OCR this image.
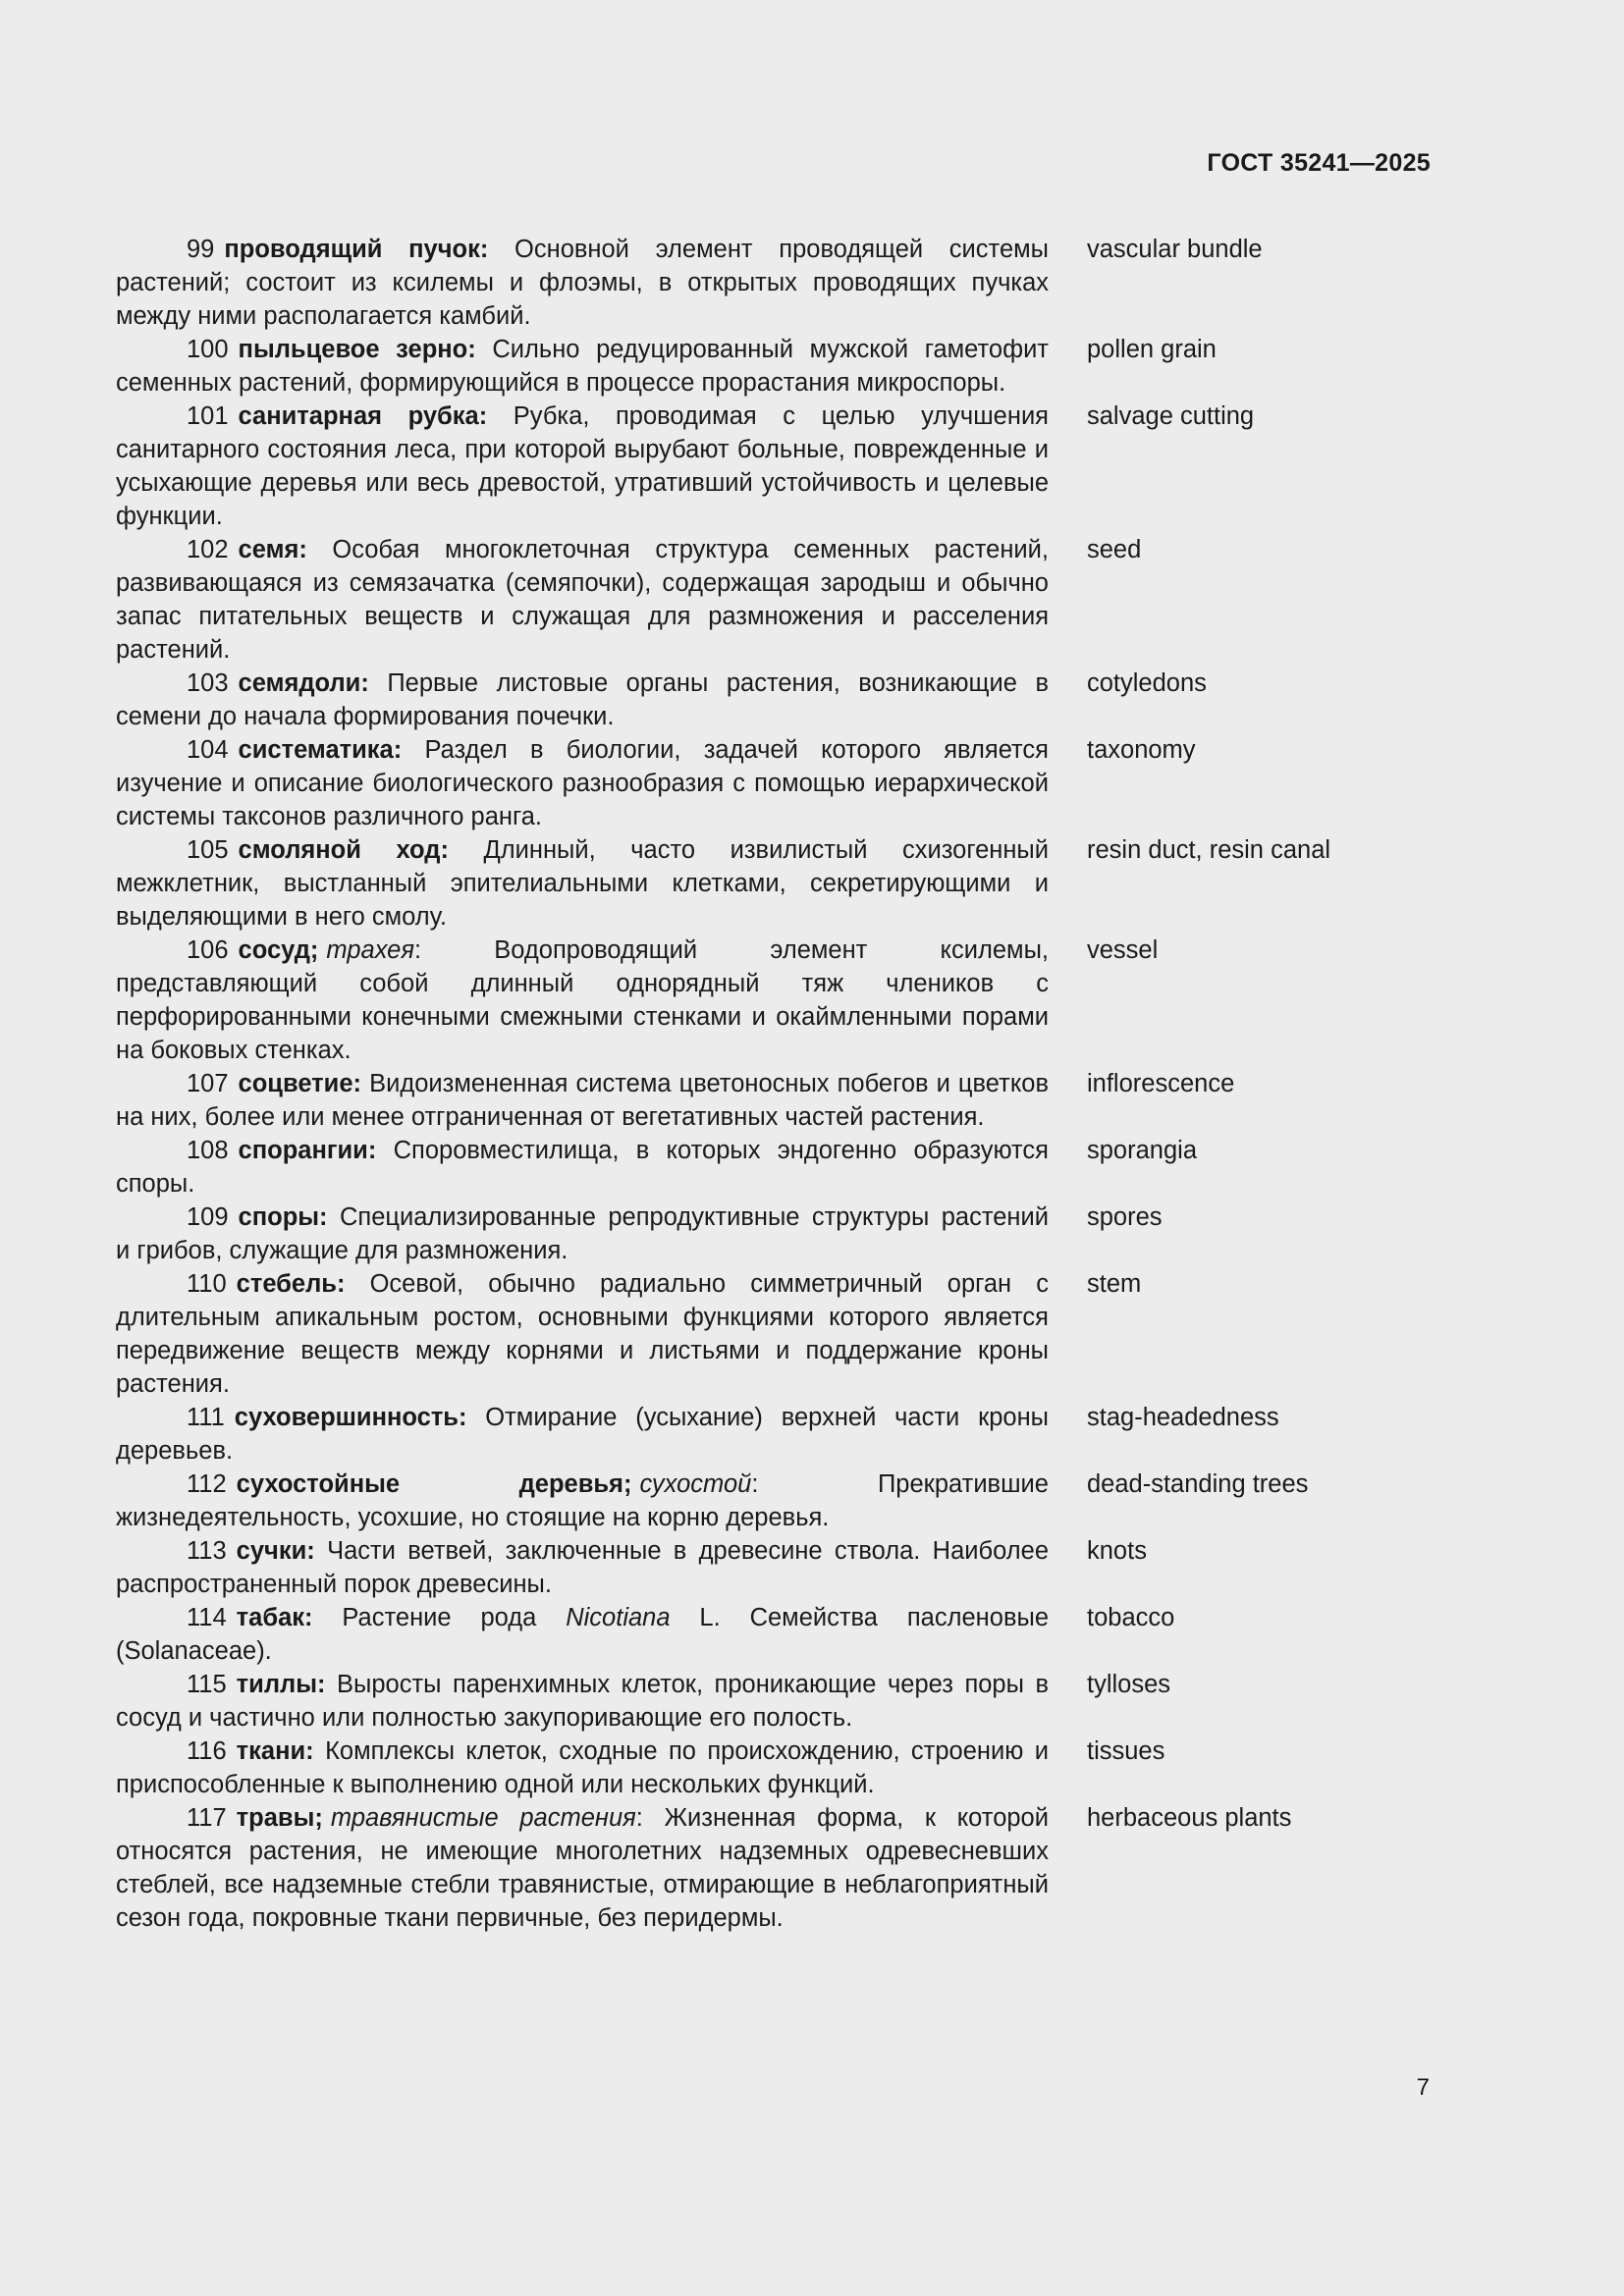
ГОСТ 35241—2025
99 проводящий пучок: Основной элемент проводящей системы растений; состоит из ксилемы и флоэмы, в открытых проводящих пучках между ними располагается камбий.
vascular bundle
100 пыльцевое зерно: Сильно редуцированный мужской гаметофит семенных растений, формирующийся в процессе прорастания микроспоры.
pollen grain
101 санитарная рубка: Рубка, проводимая с целью улучшения санитарного состояния леса, при которой вырубают больные, поврежденные и усыхающие деревья или весь древостой, утративший устойчивость и целевые функции.
salvage cutting
102 семя: Особая многоклеточная структура семенных растений, развивающаяся из семязачатка (семяпочки), содержащая зародыш и обычно запас питательных веществ и служащая для размножения и расселения растений.
seed
103 семядоли: Первые листовые органы растения, возникающие в семени до начала формирования почечки.
cotyledons
104 систематика: Раздел в биологии, задачей которого является изучение и описание биологического разнообразия с помощью иерархической системы таксонов различного ранга.
taxonomy
105 смоляной ход: Длинный, часто извилистый схизогенный межклетник, выстланный эпителиальными клетками, секретирующими и выделяющими в него смолу.
resin duct, resin canal
106 сосуд; трахея: Водопроводящий элемент ксилемы, представляющий собой длинный однорядный тяж члеников с перфорированными конечными смежными стенками и окаймленными порами на боковых стенках.
vessel
107 соцветие: Видоизмененная система цветоносных побегов и цветков на них, более или менее отграниченная от вегетативных частей растения.
inflorescence
108 спорангии: Споровместилища, в которых эндогенно образуются споры.
sporangia
109 споры: Специализированные репродуктивные структуры растений и грибов, служащие для размножения.
spores
110 стебель: Осевой, обычно радиально симметричный орган с длительным апикальным ростом, основными функциями которого является передвижение веществ между корнями и листьями и поддержание кроны растения.
stem
111 суховершинность: Отмирание (усыхание) верхней части кроны деревьев.
stag-headedness
112 сухостойные деревья; сухостой: Прекратившие жизнедеятельность, усохшие, но стоящие на корню деревья.
dead-standing trees
113 сучки: Части ветвей, заключенные в древесине ствола. Наиболее распространенный порок древесины.
knots
114 табак: Растение рода Nicotiana L. Семейства пасленовые (Solanaceae).
tobacco
115 тиллы: Выросты паренхимных клеток, проникающие через поры в сосуд и частично или полностью закупоривающие его полость.
tylloses
116 ткани: Комплексы клеток, сходные по происхождению, строению и приспособленные к выполнению одной или нескольких функций.
tissues
117 травы; травянистые растения: Жизненная форма, к которой относятся растения, не имеющие многолетних надземных одревесневших стеблей, все надземные стебли травянистые, отмирающие в неблагоприятный сезон года, покровные ткани первичные, без перидермы.
herbaceous plants
7
